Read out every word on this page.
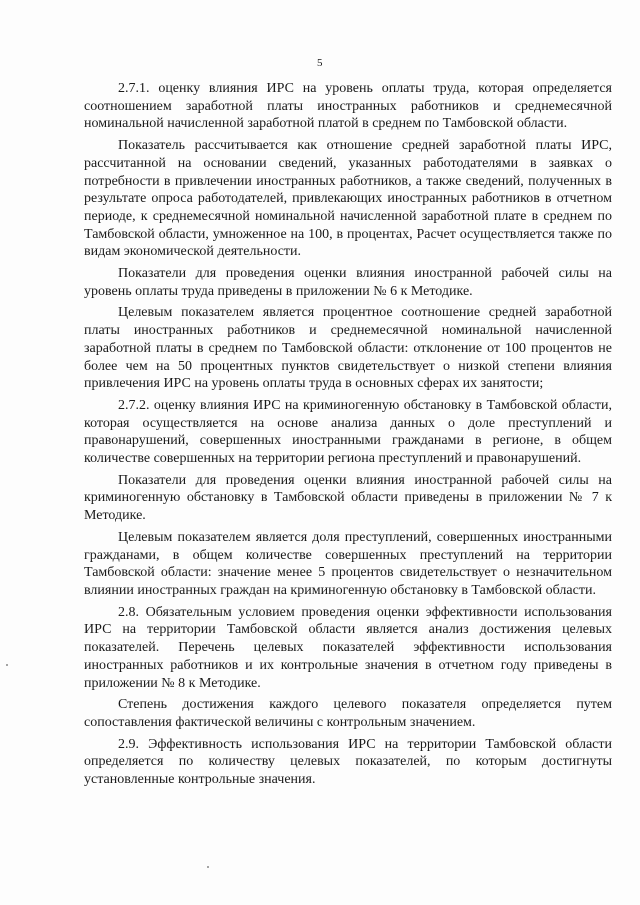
5

2.7.1. оценку влияния ИРС на уровень оплаты труда, которая определяется соотношением заработной платы иностранных работников и среднемесячной номинальной начисленной заработной платой в среднем по Тамбовской области.

Показатель рассчитывается как отношение средней заработной платы ИРС, рассчитанной на основании сведений, указанных работодателями в заявках о потребности в привлечении иностранных работников, а также сведений, полученных в результате опроса работодателей, привлекающих иностранных работников в отчетном периоде, к среднемесячной номинальной начисленной заработной плате в среднем по Тамбовской области, умноженное на 100, в процентах, Расчет осуществляется также по видам экономической деятельности.

Показатели для проведения оценки влияния иностранной рабочей силы на уровень оплаты труда приведены в приложении № 6 к Методике.

Целевым показателем является процентное соотношение средней заработной платы иностранных работников и среднемесячной номинальной начисленной заработной платы в среднем по Тамбовской области: отклонение от 100 процентов не более чем на 50 процентных пунктов свидетельствует о низкой степени влияния привлечения ИРС на уровень оплаты труда в основных сферах их занятости;

2.7.2. оценку влияния ИРС на криминогенную обстановку в Тамбовской области, которая осуществляется на основе анализа данных о доле преступлений и правонарушений, совершенных иностранными гражданами в регионе, в общем количестве совершенных на территории региона преступлений и правонарушений.

Показатели для проведения оценки влияния иностранной рабочей силы на криминогенную обстановку в Тамбовской области приведены в приложении № 7 к Методике.

Целевым показателем является доля преступлений, совершенных иностранными гражданами, в общем количестве совершенных преступлений на территории Тамбовской области: значение менее 5 процентов свидетельствует о незначительном влиянии иностранных граждан на криминогенную обстановку в Тамбовской области.

2.8. Обязательным условием проведения оценки эффективности использования ИРС на территории Тамбовской области является анализ достижения целевых показателей. Перечень целевых показателей эффективности использования иностранных работников и их контрольные значения в отчетном году приведены в приложении № 8 к Методике.

Степень достижения каждого целевого показателя определяется путем сопоставления фактической величины с контрольным значением.

2.9. Эффективность использования ИРС на территории Тамбовской области определяется по количеству целевых показателей, по которым достигнуты установленные контрольные значения.
